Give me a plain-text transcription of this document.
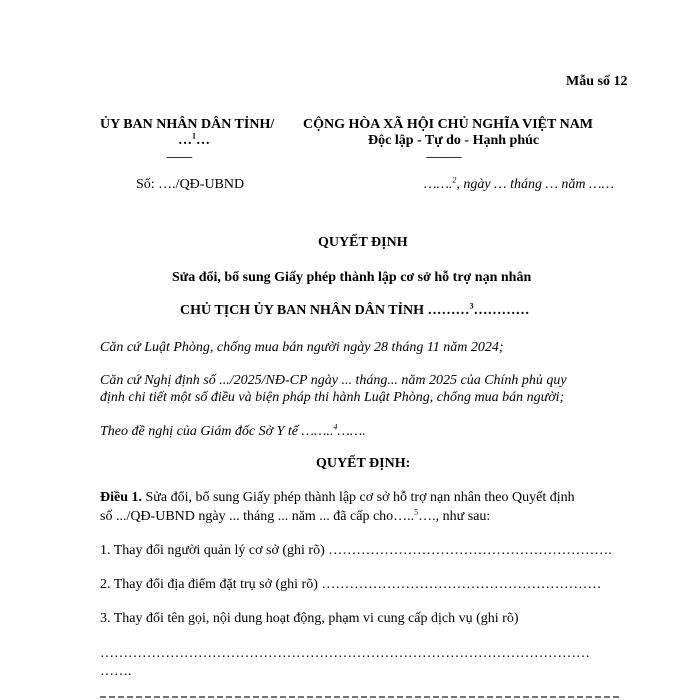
Mẫu số 12
ỦY BAN NHÂN DÂN TỈNH/
…$^1$…
-----------
Số: …./QĐ-UBND
CỘNG HÒA XÃ HỘI CHỦ NGHĨA VIỆT NAM
Độc lập - Tự do - Hạnh phúc
---------------
…….$^2$, ngày … tháng … năm ……
QUYẾT ĐỊNH
Sửa đổi, bổ sung Giấy phép thành lập cơ sở hỗ trợ nạn nhân
CHỦ TỊCH ỦY BAN NHÂN DÂN TỈNH ………$^3$…………
Căn cứ Luật Phòng, chống mua bán người ngày 28 tháng 11 năm 2024;
Căn cứ Nghị định số .../2025/NĐ-CP ngày ... tháng... năm 2025 của Chính phủ quy
định chi tiết một số điều và biện pháp thi hành Luật Phòng, chống mua bán người;
Theo đề nghị của Giám đốc Sở Y tế ……..$^4$…….
QUYẾT ĐỊNH:
Điều 1. Sửa đổi, bổ sung Giấy phép thành lập cơ sở hỗ trợ nạn nhân theo Quyết định
số .../QĐ-UBND ngày ... tháng ... năm ... đã cấp cho…..$^5$…., như sau:
1. Thay đổi người quản lý cơ sở (ghi rõ) …………………………………………………….
2. Thay đổi địa điểm đặt trụ sở (ghi rõ) ……………………………………………………
3. Thay đổi tên gọi, nội dung hoạt động, phạm vi cung cấp dịch vụ (ghi rõ)
……………………………………………………………………………………………
…….
